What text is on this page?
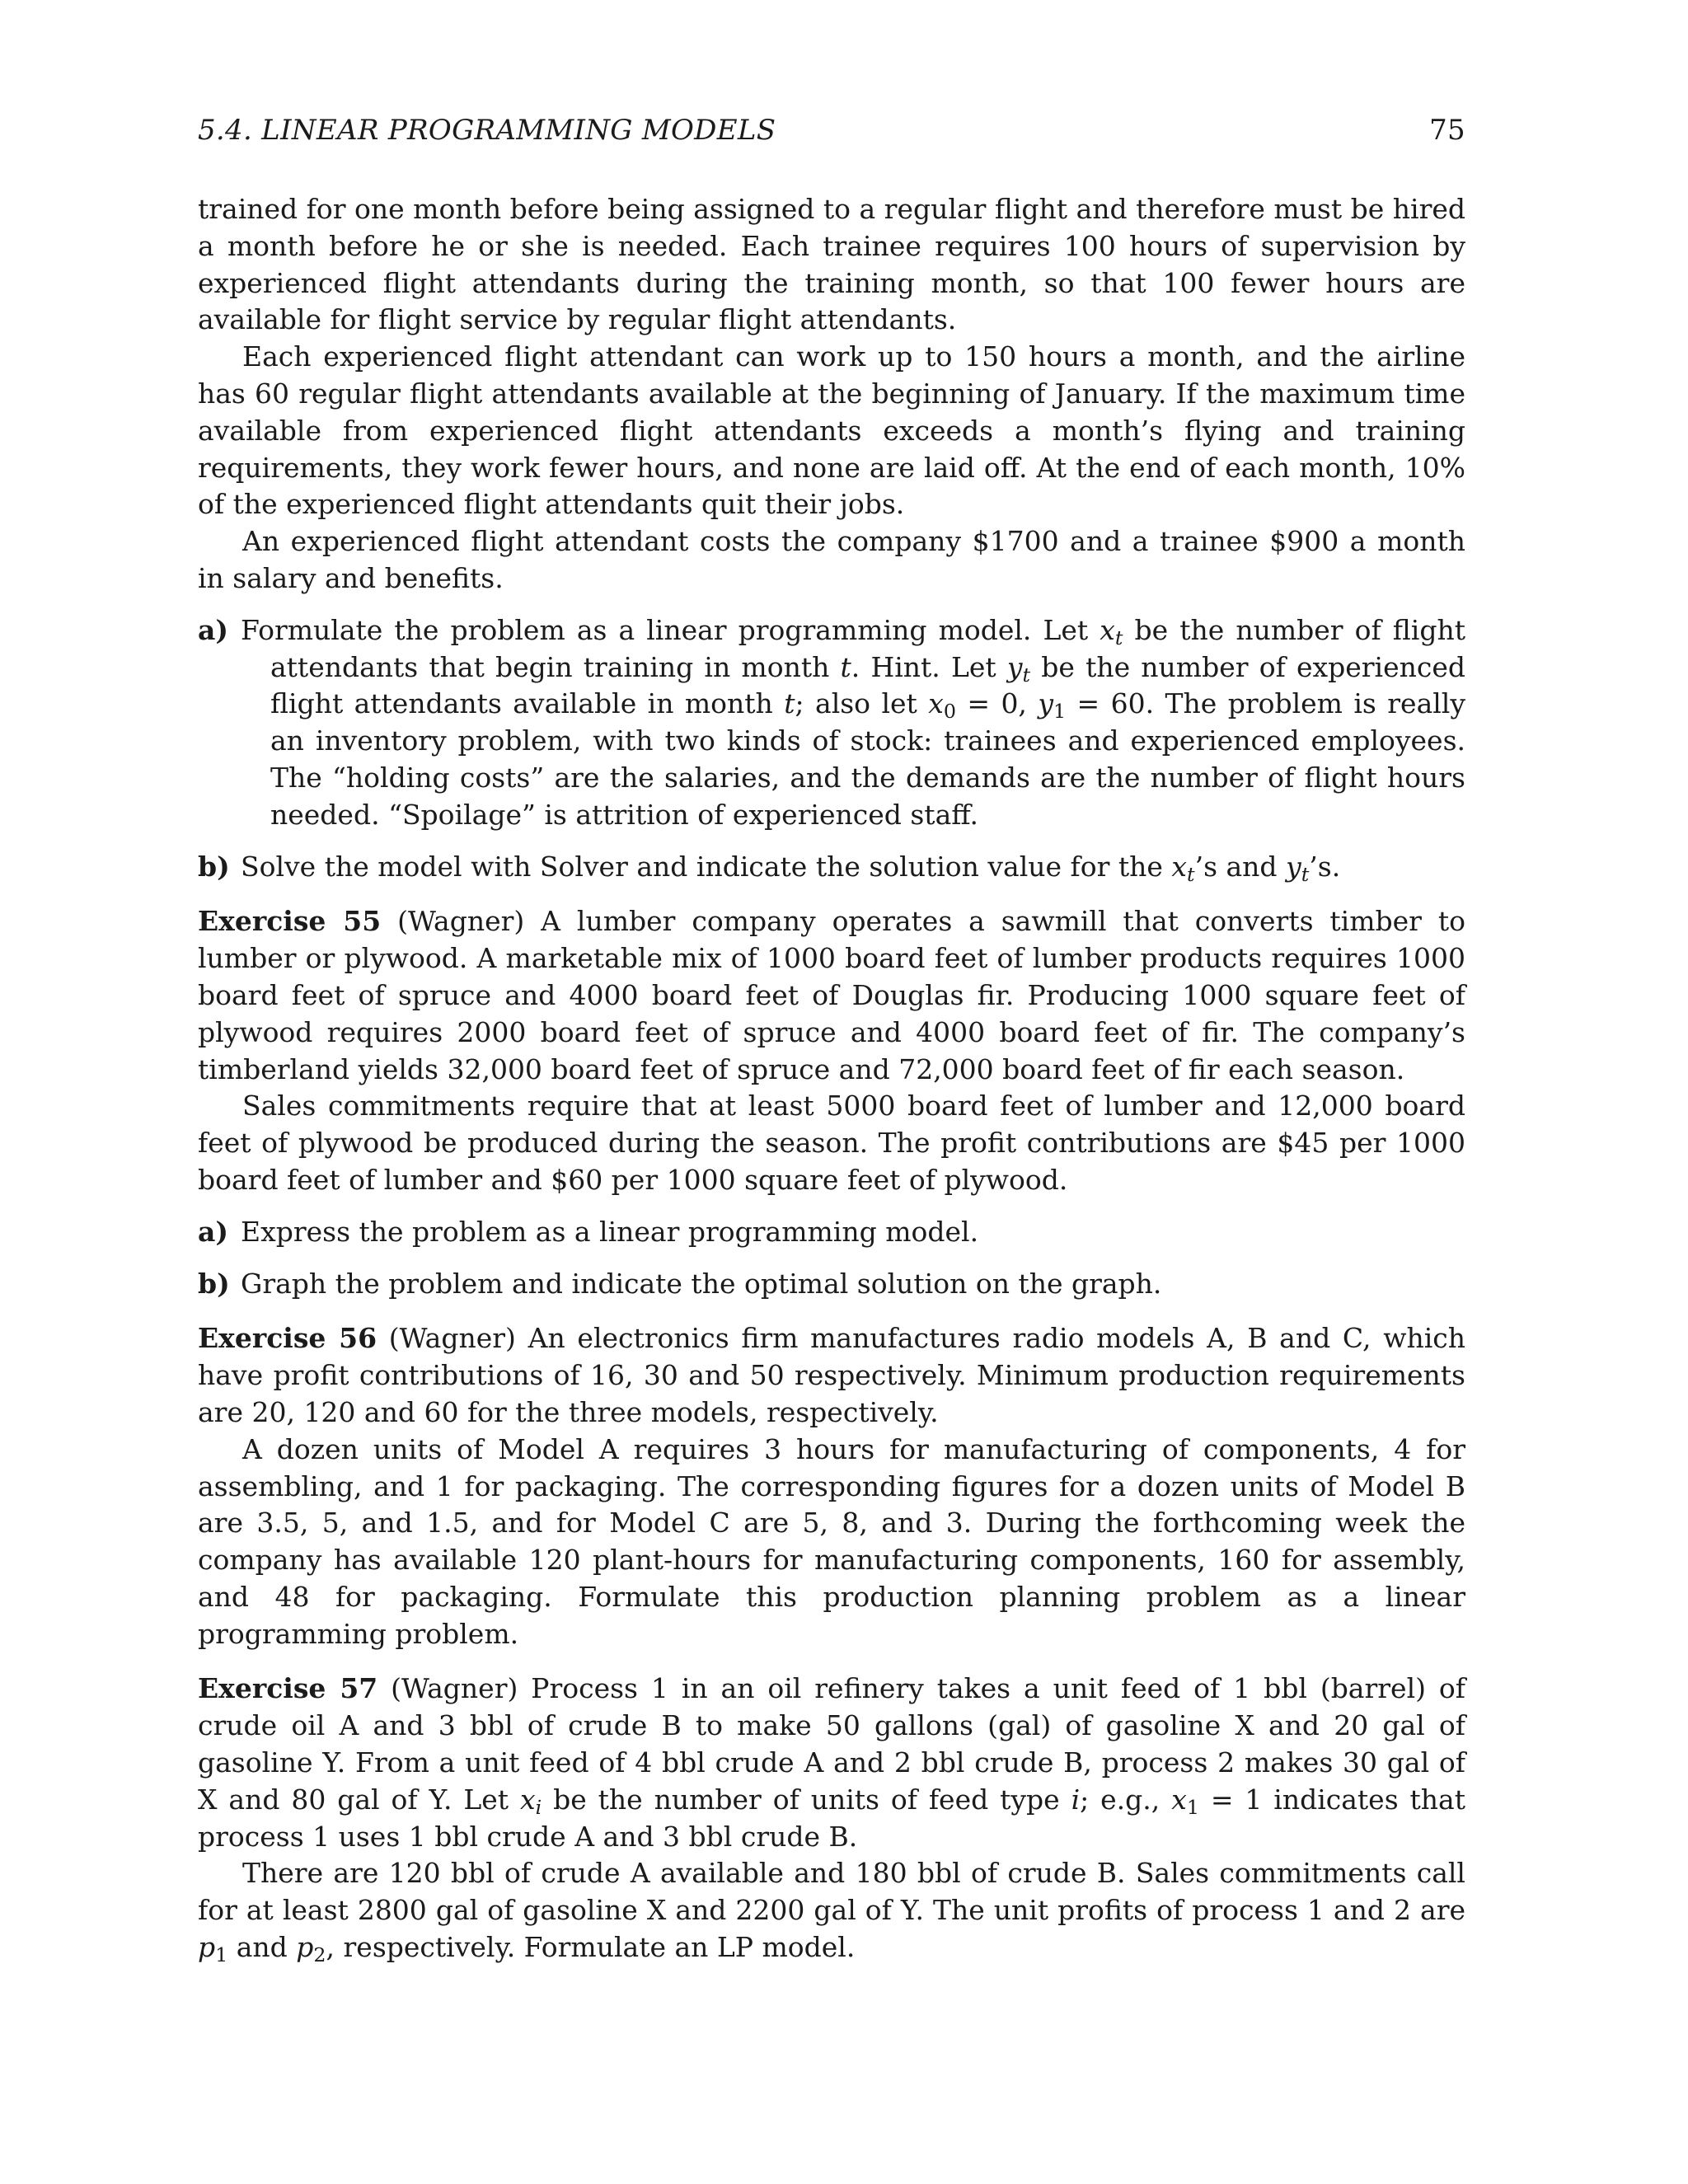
5.4. LINEAR PROGRAMMING MODELS	75

trained for one month before being assigned to a regular flight and therefore must be hired a month before he or she is needed. Each trainee requires 100 hours of supervision by experienced flight attendants during the training month, so that 100 fewer hours are available for flight service by regular flight attendants.

Each experienced flight attendant can work up to 150 hours a month, and the airline has 60 regular flight attendants available at the beginning of January. If the maximum time available from experienced flight attendants exceeds a month’s flying and training requirements, they work fewer hours, and none are laid off. At the end of each month, 10% of the experienced flight attendants quit their jobs.

An experienced flight attendant costs the company $1700 and a trainee $900 a month in salary and benefits.

a) Formulate the problem as a linear programming model. Let $x_t$ be the number of flight attendants that begin training in month t. Hint. Let $y_t$ be the number of experienced flight attendants available in month t; also let $x_0 = 0$, $y_1 = 60$. The problem is really an inventory problem, with two kinds of stock: trainees and experienced employees. The “holding costs” are the salaries, and the demands are the number of flight hours needed. “Spoilage” is attrition of experienced staff.
b) Solve the model with Solver and indicate the solution value for the $x_t’s$ and $y_t’s$.

Exercise 55 (Wagner) A lumber company operates a sawmill that converts timber to lumber or plywood. A marketable mix of 1000 board feet of lumber products requires 1000 board feet of spruce and 4000 board feet of Douglas fir. Producing 1000 square feet of plywood requires 2000 board feet of spruce and 4000 board feet of fir. The company’s timberland yields 32,000 board feet of spruce and 72,000 board feet of fir each season.

Sales commitments require that at least 5000 board feet of lumber and 12,000 board feet of plywood be produced during the season. The profit contributions are $45 per 1000 board feet of lumber and $60 per 1000 square feet of plywood.

a) Express the problem as a linear programming model.
b) Graph the problem and indicate the optimal solution on the graph.

Exercise 56 (Wagner) An electronics firm manufactures radio models A, B and C, which have profit contributions of 16, 30 and 50 respectively. Minimum production requirements are 20, 120 and 60 for the three models, respectively.

A dozen units of Model A requires 3 hours for manufacturing of components, 4 for assembling, and 1 for packaging. The corresponding figures for a dozen units of Model B are 3.5, 5, and 1.5, and for Model C are 5, 8, and 3. During the forthcoming week the company has available 120 plant-hours for manufacturing components, 160 for assembly, and 48 for packaging. Formulate this production planning problem as a linear programming problem.

Exercise 57 (Wagner) Process 1 in an oil refinery takes a unit feed of 1 bbl (barrel) of crude oil A and 3 bbl of crude B to make 50 gallons (gal) of gasoline X and 20 gal of gasoline Y. From a unit feed of 4 bbl crude A and 2 bbl crude B, process 2 makes 30 gal of X and 80 gal of Y. Let $x_i$ be the number of units of feed type i; e.g., $x_1 = 1$ indicates that process 1 uses 1 bbl crude A and 3 bbl crude B.

There are 120 bbl of crude A available and 180 bbl of crude B. Sales commitments call for at least 2800 gal of gasoline X and 2200 gal of Y. The unit profits of process 1 and 2 are $p_1$ and $p_2$, respectively. Formulate an LP model.
